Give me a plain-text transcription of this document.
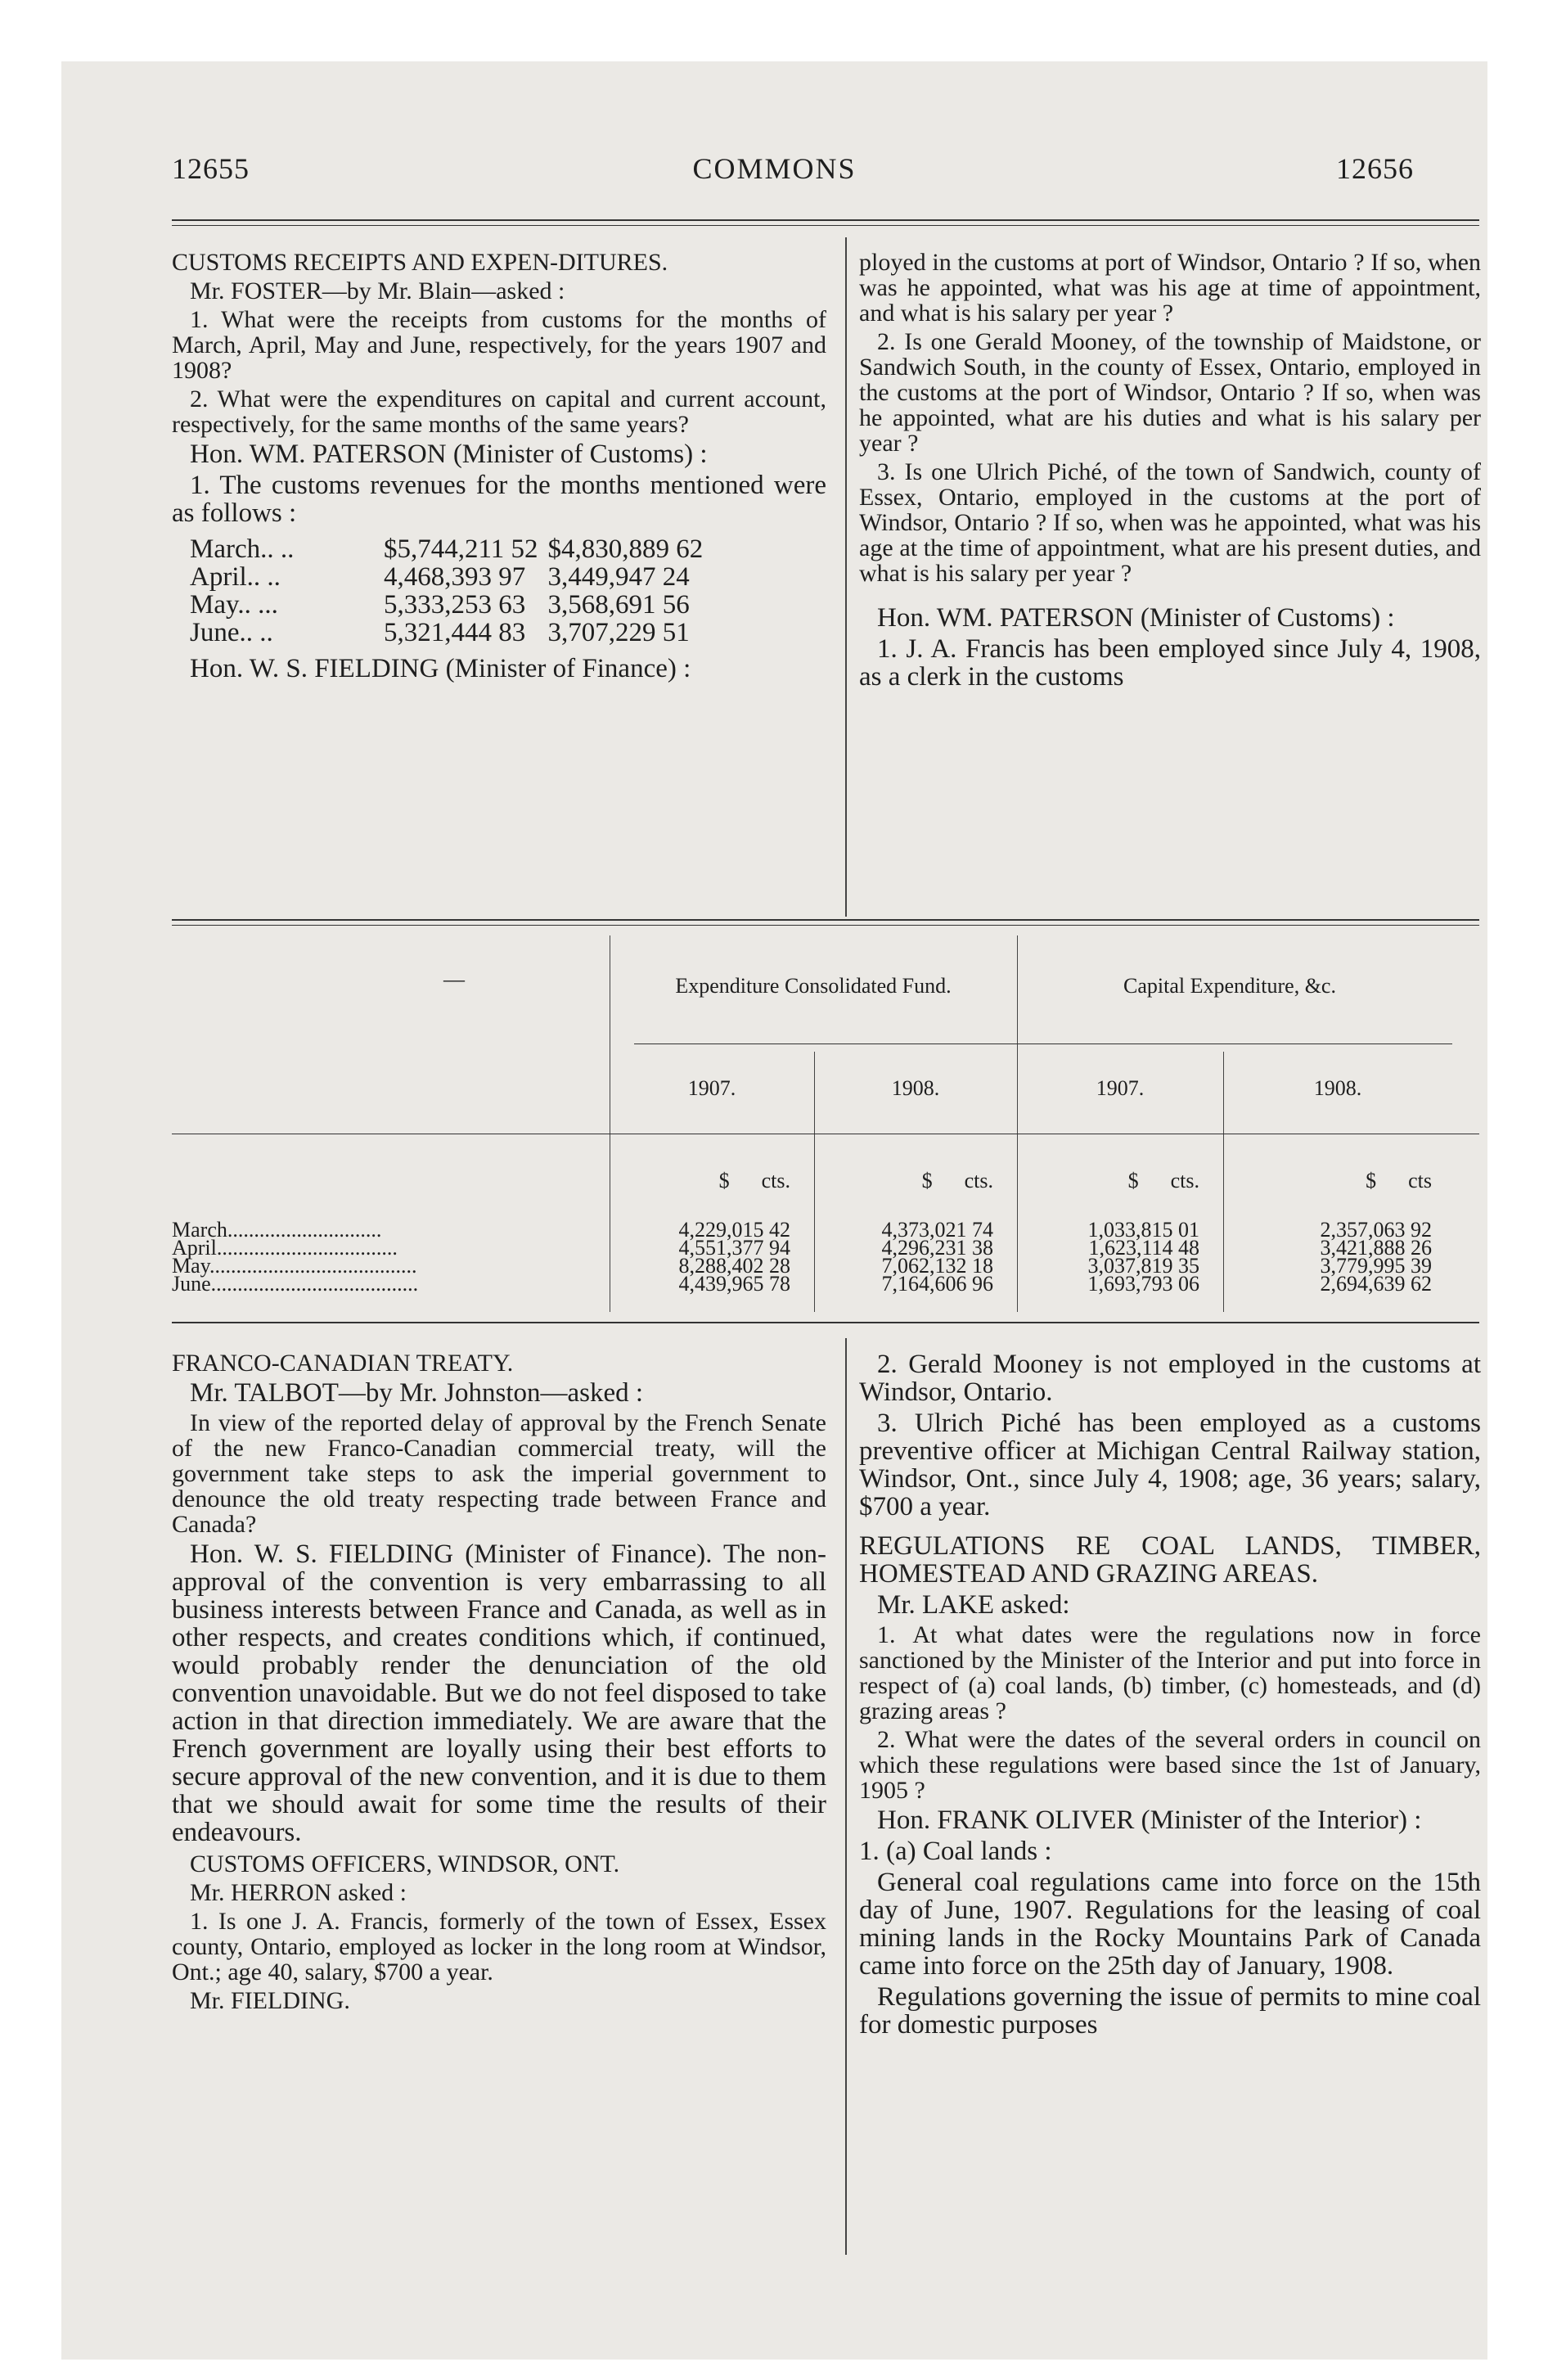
12655	COMMONS	12656

CUSTOMS RECEIPTS AND EXPEN-DITURES.

Mr. FOSTER—by Mr. Blain—asked :

1. What were the receipts from customs for the months of March, April, May and June, respectively, for the years 1907 and 1908?

2. What were the expenditures on capital and current account, respectively, for the same months of the same years?

Hon. WM. PATERSON (Minister of Customs) :

1. The customs revenues for the months mentioned were as follows :

March.. ..	$5,744,211 52	$4,830,889 62
April.. ..	4,468,393 97	3,449,947 24
May.. ...	5,333,253 63	3,568,691 56
June.. ..	5,321,444 83	3,707,229 51

Hon. W. S. FIELDING (Minister of Finance) :

ployed in the customs at port of Windsor, Ontario ? If so, when was he appointed, what was his age at time of appointment, and what is his salary per year ?

2. Is one Gerald Mooney, of the township of Maidstone, or Sandwich South, in the county of Essex, Ontario, employed in the customs at the port of Windsor, Ontario ? If so, when was he appointed, what are his duties and what is his salary per year ?

3. Is one Ulrich Piché, of the town of Sandwich, county of Essex, Ontario, employed in the customs at the port of Windsor, Ontario ? If so, when was he appointed, what was his age at the time of appointment, what are his present duties, and what is his salary per year ?

Hon. WM. PATERSON (Minister of Customs) :

1. J. A. Francis has been employed since July 4, 1908, as a clerk in the customs

—	Expenditure Consolidated Fund.	Capital Expenditure, &c.
1907.	1908.	1907.	1908.
$      cts.	$      cts.	$      cts.	$      cts
March.............................	4,229,015 42	4,373,021 74	1,033,815 01	2,357,063 92
April..................................	4,551,377 94	4,296,231 38	1,623,114 48	3,421,888 26
May.......................................	8,288,402 28	7,062,132 18	3,037,819 35	3,779,995 39
June.......................................	4,439,965 78	7,164,606 96	1,693,793 06	2,694,639 62

FRANCO-CANADIAN TREATY.

Mr. TALBOT—by Mr. Johnston—asked :

In view of the reported delay of approval by the French Senate of the new Franco-Canadian commercial treaty, will the government take steps to ask the imperial government to denounce the old treaty respecting trade between France and Canada?

Hon. W. S. FIELDING (Minister of Finance). The non-approval of the convention is very embarrassing to all business interests between France and Canada, as well as in other respects, and creates conditions which, if continued, would probably render the denunciation of the old convention unavoidable. But we do not feel disposed to take action in that direction immediately. We are aware that the French government are loyally using their best efforts to secure approval of the new convention, and it is due to them that we should await for some time the results of their endeavours.

CUSTOMS OFFICERS, WINDSOR, ONT.

Mr. HERRON asked :

1. Is one J. A. Francis, formerly of the town of Essex, Essex county, Ontario, employed as locker in the long room at Windsor, Ont.; age 40, salary, $700 a year.

Mr. FIELDING.

2. Gerald Mooney is not employed in the customs at Windsor, Ontario.

3. Ulrich Piché has been employed as a customs preventive officer at Michigan Central Railway station, Windsor, Ont., since July 4, 1908; age, 36 years; salary, $700 a year.

REGULATIONS RE COAL LANDS, TIMBER, HOMESTEAD AND GRAZING AREAS.

Mr. LAKE asked:

1. At what dates were the regulations now in force sanctioned by the Minister of the Interior and put into force in respect of (a) coal lands, (b) timber, (c) homesteads, and (d) grazing areas ?

2. What were the dates of the several orders in council on which these regulations were based since the 1st of January, 1905 ?

Hon. FRANK OLIVER (Minister of the Interior) :

1. (a) Coal lands :

General coal regulations came into force on the 15th day of June, 1907. Regulations for the leasing of coal mining lands in the Rocky Mountains Park of Canada came into force on the 25th day of January, 1908.

Regulations governing the issue of permits to mine coal for domestic purposes
